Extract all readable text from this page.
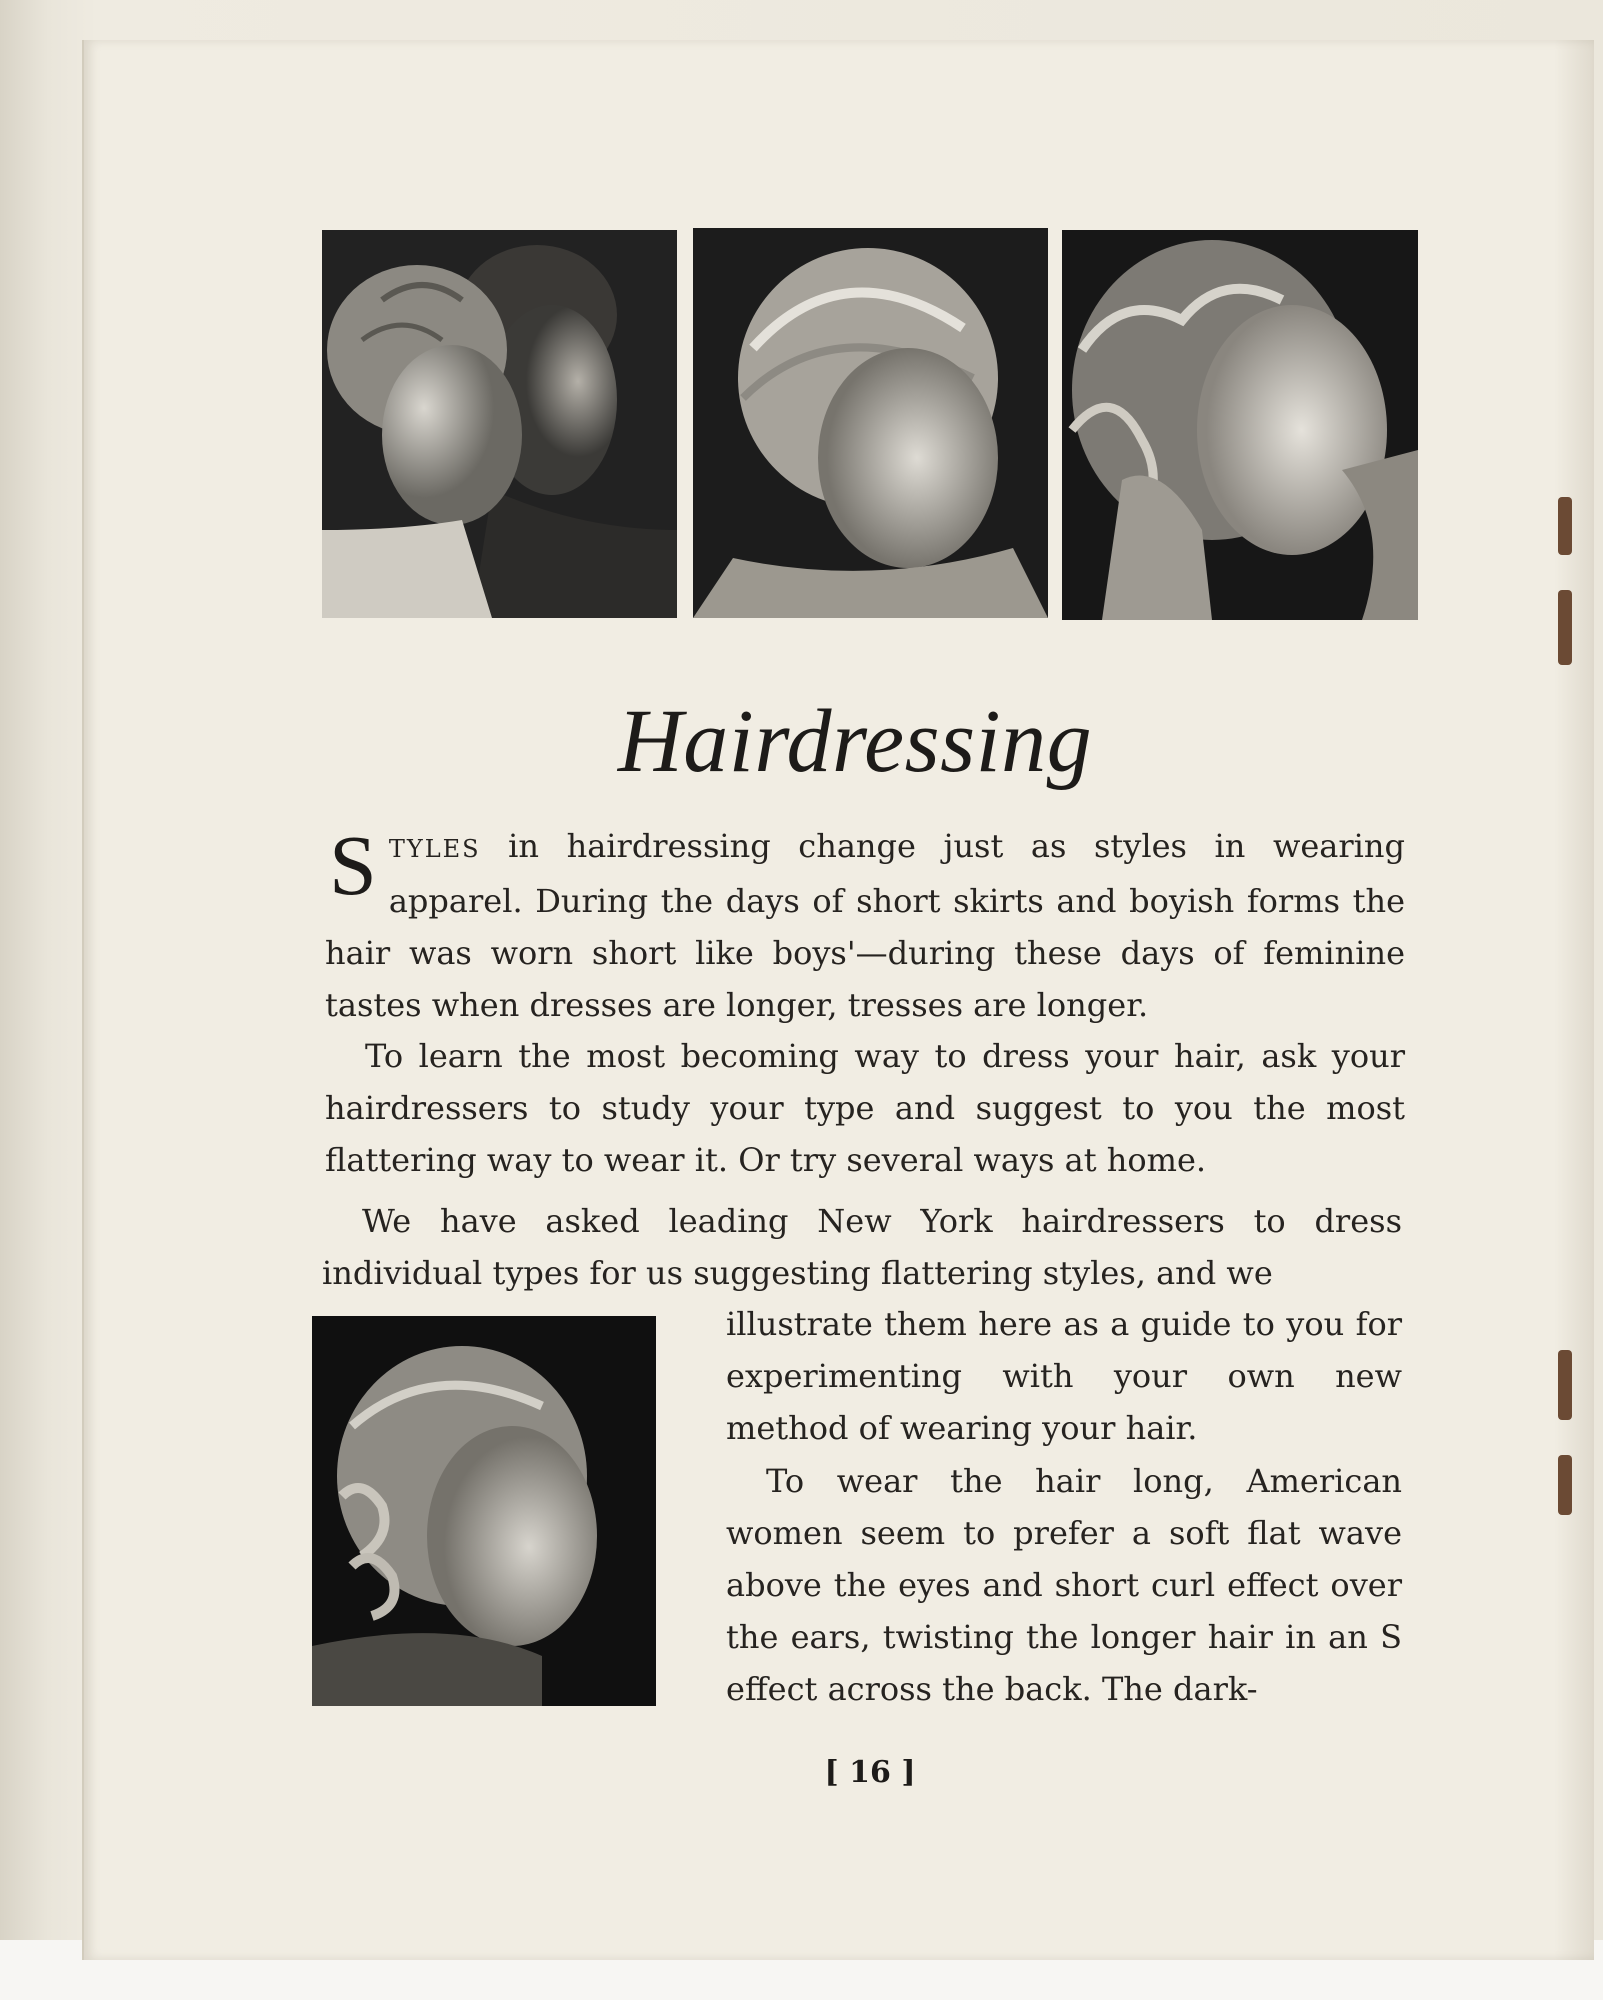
Hairdressing

STYLES in hairdressing change just as styles in wearing apparel. During the days of short skirts and boyish forms the hair was worn short like boys'—during these days of feminine tastes when dresses are longer, tresses are longer.

To learn the most becoming way to dress your hair, ask your hairdressers to study your type and suggest to you the most flattering way to wear it. Or try several ways at home.

We have asked leading New York hairdressers to dress individual types for us suggesting flattering styles, and we

illustrate them here as a guide to you for experimenting with your own new method of wearing your hair.

To wear the hair long, American women seem to prefer a soft flat wave above the eyes and short curl effect over the ears, twisting the longer hair in an S effect across the back. The dark-

[ 16 ]
